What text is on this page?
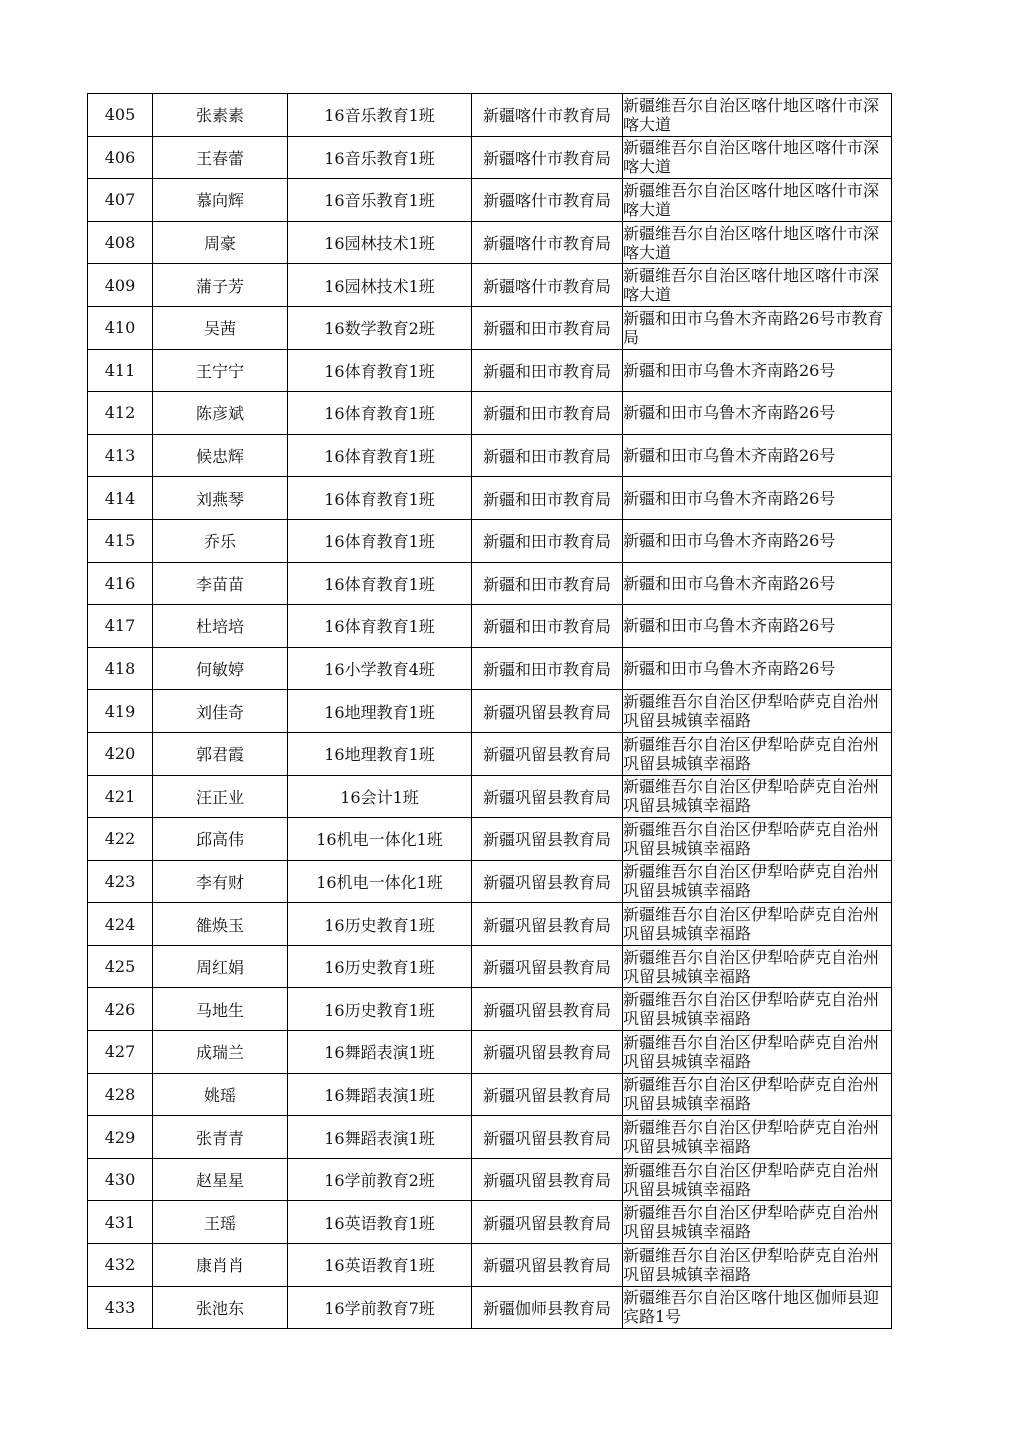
405	张素素	16音乐教育1班	新疆喀什市教育局	新疆维吾尔自治区喀什地区喀什市深喀大道
406	王春蕾	16音乐教育1班	新疆喀什市教育局	新疆维吾尔自治区喀什地区喀什市深喀大道
407	慕向辉	16音乐教育1班	新疆喀什市教育局	新疆维吾尔自治区喀什地区喀什市深喀大道
408	周豪	16园林技术1班	新疆喀什市教育局	新疆维吾尔自治区喀什地区喀什市深喀大道
409	蒲子芳	16园林技术1班	新疆喀什市教育局	新疆维吾尔自治区喀什地区喀什市深喀大道
410	吴茜	16数学教育2班	新疆和田市教育局	新疆和田市乌鲁木齐南路26号市教育局
411	王宁宁	16体育教育1班	新疆和田市教育局	新疆和田市乌鲁木齐南路26号
412	陈彦斌	16体育教育1班	新疆和田市教育局	新疆和田市乌鲁木齐南路26号
413	候忠辉	16体育教育1班	新疆和田市教育局	新疆和田市乌鲁木齐南路26号
414	刘燕琴	16体育教育1班	新疆和田市教育局	新疆和田市乌鲁木齐南路26号
415	乔乐	16体育教育1班	新疆和田市教育局	新疆和田市乌鲁木齐南路26号
416	李苗苗	16体育教育1班	新疆和田市教育局	新疆和田市乌鲁木齐南路26号
417	杜培培	16体育教育1班	新疆和田市教育局	新疆和田市乌鲁木齐南路26号
418	何敏婷	16小学教育4班	新疆和田市教育局	新疆和田市乌鲁木齐南路26号
419	刘佳奇	16地理教育1班	新疆巩留县教育局	新疆维吾尔自治区伊犁哈萨克自治州巩留县城镇幸福路
420	郭君霞	16地理教育1班	新疆巩留县教育局	新疆维吾尔自治区伊犁哈萨克自治州巩留县城镇幸福路
421	汪正业	16会计1班	新疆巩留县教育局	新疆维吾尔自治区伊犁哈萨克自治州巩留县城镇幸福路
422	邱高伟	16机电一体化1班	新疆巩留县教育局	新疆维吾尔自治区伊犁哈萨克自治州巩留县城镇幸福路
423	李有财	16机电一体化1班	新疆巩留县教育局	新疆维吾尔自治区伊犁哈萨克自治州巩留县城镇幸福路
424	雒焕玉	16历史教育1班	新疆巩留县教育局	新疆维吾尔自治区伊犁哈萨克自治州巩留县城镇幸福路
425	周红娟	16历史教育1班	新疆巩留县教育局	新疆维吾尔自治区伊犁哈萨克自治州巩留县城镇幸福路
426	马地生	16历史教育1班	新疆巩留县教育局	新疆维吾尔自治区伊犁哈萨克自治州巩留县城镇幸福路
427	成瑞兰	16舞蹈表演1班	新疆巩留县教育局	新疆维吾尔自治区伊犁哈萨克自治州巩留县城镇幸福路
428	姚瑶	16舞蹈表演1班	新疆巩留县教育局	新疆维吾尔自治区伊犁哈萨克自治州巩留县城镇幸福路
429	张青青	16舞蹈表演1班	新疆巩留县教育局	新疆维吾尔自治区伊犁哈萨克自治州巩留县城镇幸福路
430	赵星星	16学前教育2班	新疆巩留县教育局	新疆维吾尔自治区伊犁哈萨克自治州巩留县城镇幸福路
431	王瑶	16英语教育1班	新疆巩留县教育局	新疆维吾尔自治区伊犁哈萨克自治州巩留县城镇幸福路
432	康肖肖	16英语教育1班	新疆巩留县教育局	新疆维吾尔自治区伊犁哈萨克自治州巩留县城镇幸福路
433	张池东	16学前教育7班	新疆伽师县教育局	新疆维吾尔自治区喀什地区伽师县迎宾路1号
